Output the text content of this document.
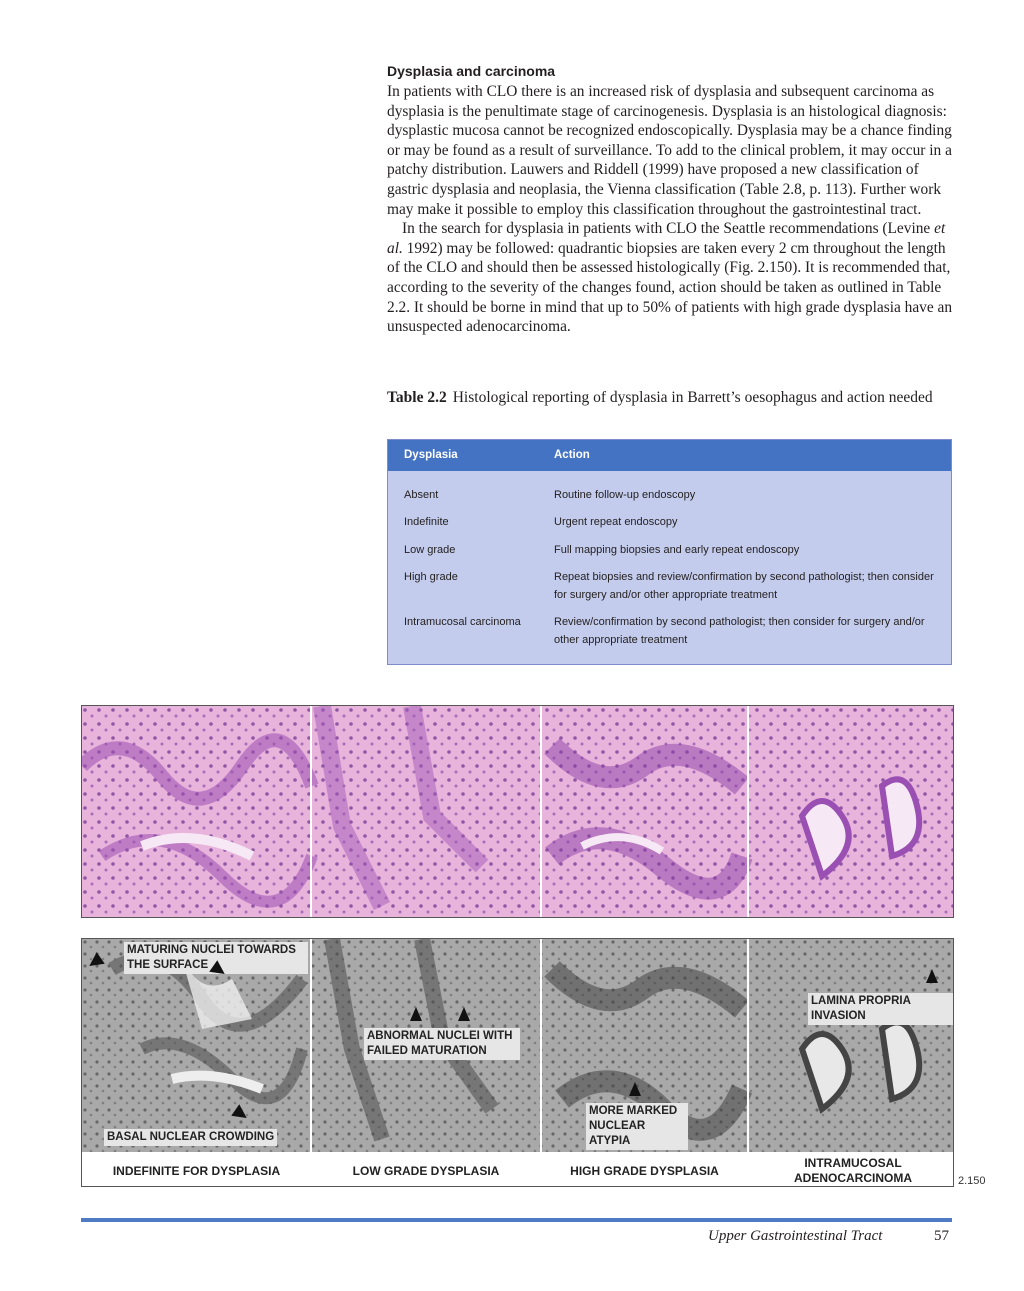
Dysplasia and carcinoma

In patients with CLO there is an increased risk of dysplasia and subsequent carcinoma as dysplasia is the penultimate stage of carcinogenesis. Dysplasia is an histological diagnosis: dysplastic mucosa cannot be recognized endoscopically. Dysplasia may be a chance finding or may be found as a result of surveillance. To add to the clinical problem, it may occur in a patchy distribution. Lauwers and Riddell (1999) have proposed a new classification of gastric dysplasia and neoplasia, the Vienna classification (Table 2.8, p. 113). Further work may make it possible to employ this classification throughout the gastrointestinal tract.

In the search for dysplasia in patients with CLO the Seattle recommendations (Levine et al. 1992) may be followed: quadrantic biopsies are taken every 2 cm throughout the length of the CLO and should then be assessed histologically (Fig. 2.150). It is recommended that, according to the severity of the changes found, action should be taken as outlined in Table 2.2. It should be borne in mind that up to 50% of patients with high grade dysplasia have an unsuspected adenocarcinoma.

Table 2.2 Histological reporting of dysplasia in Barrett’s oesophagus and action needed
Dysplasia	Action
Absent	Routine follow-up endoscopy
Indefinite	Urgent repeat endoscopy
Low grade	Full mapping biopsies and early repeat endoscopy
High grade	Repeat biopsies and review/confirmation by second pathologist; then consider for surgery and/or other appropriate treatment
Intramucosal carcinoma	Review/confirmation by second pathologist; then consider for surgery and/or other appropriate treatment
MATURING NUCLEI TOWARDS THE SURFACE
BASAL NUCLEAR CROWDING
ABNORMAL NUCLEI WITH FAILED MATURATION
MORE MARKED NUCLEAR ATYPIA
LAMINA PROPRIA INVASION
INDEFINITE FOR DYSPLASIA	LOW GRADE DYSPLASIA	HIGH GRADE DYSPLASIA
INTRAMUCOSAL ADENOCARCINOMA	2.150
Upper Gastrointestinal Tract	57
